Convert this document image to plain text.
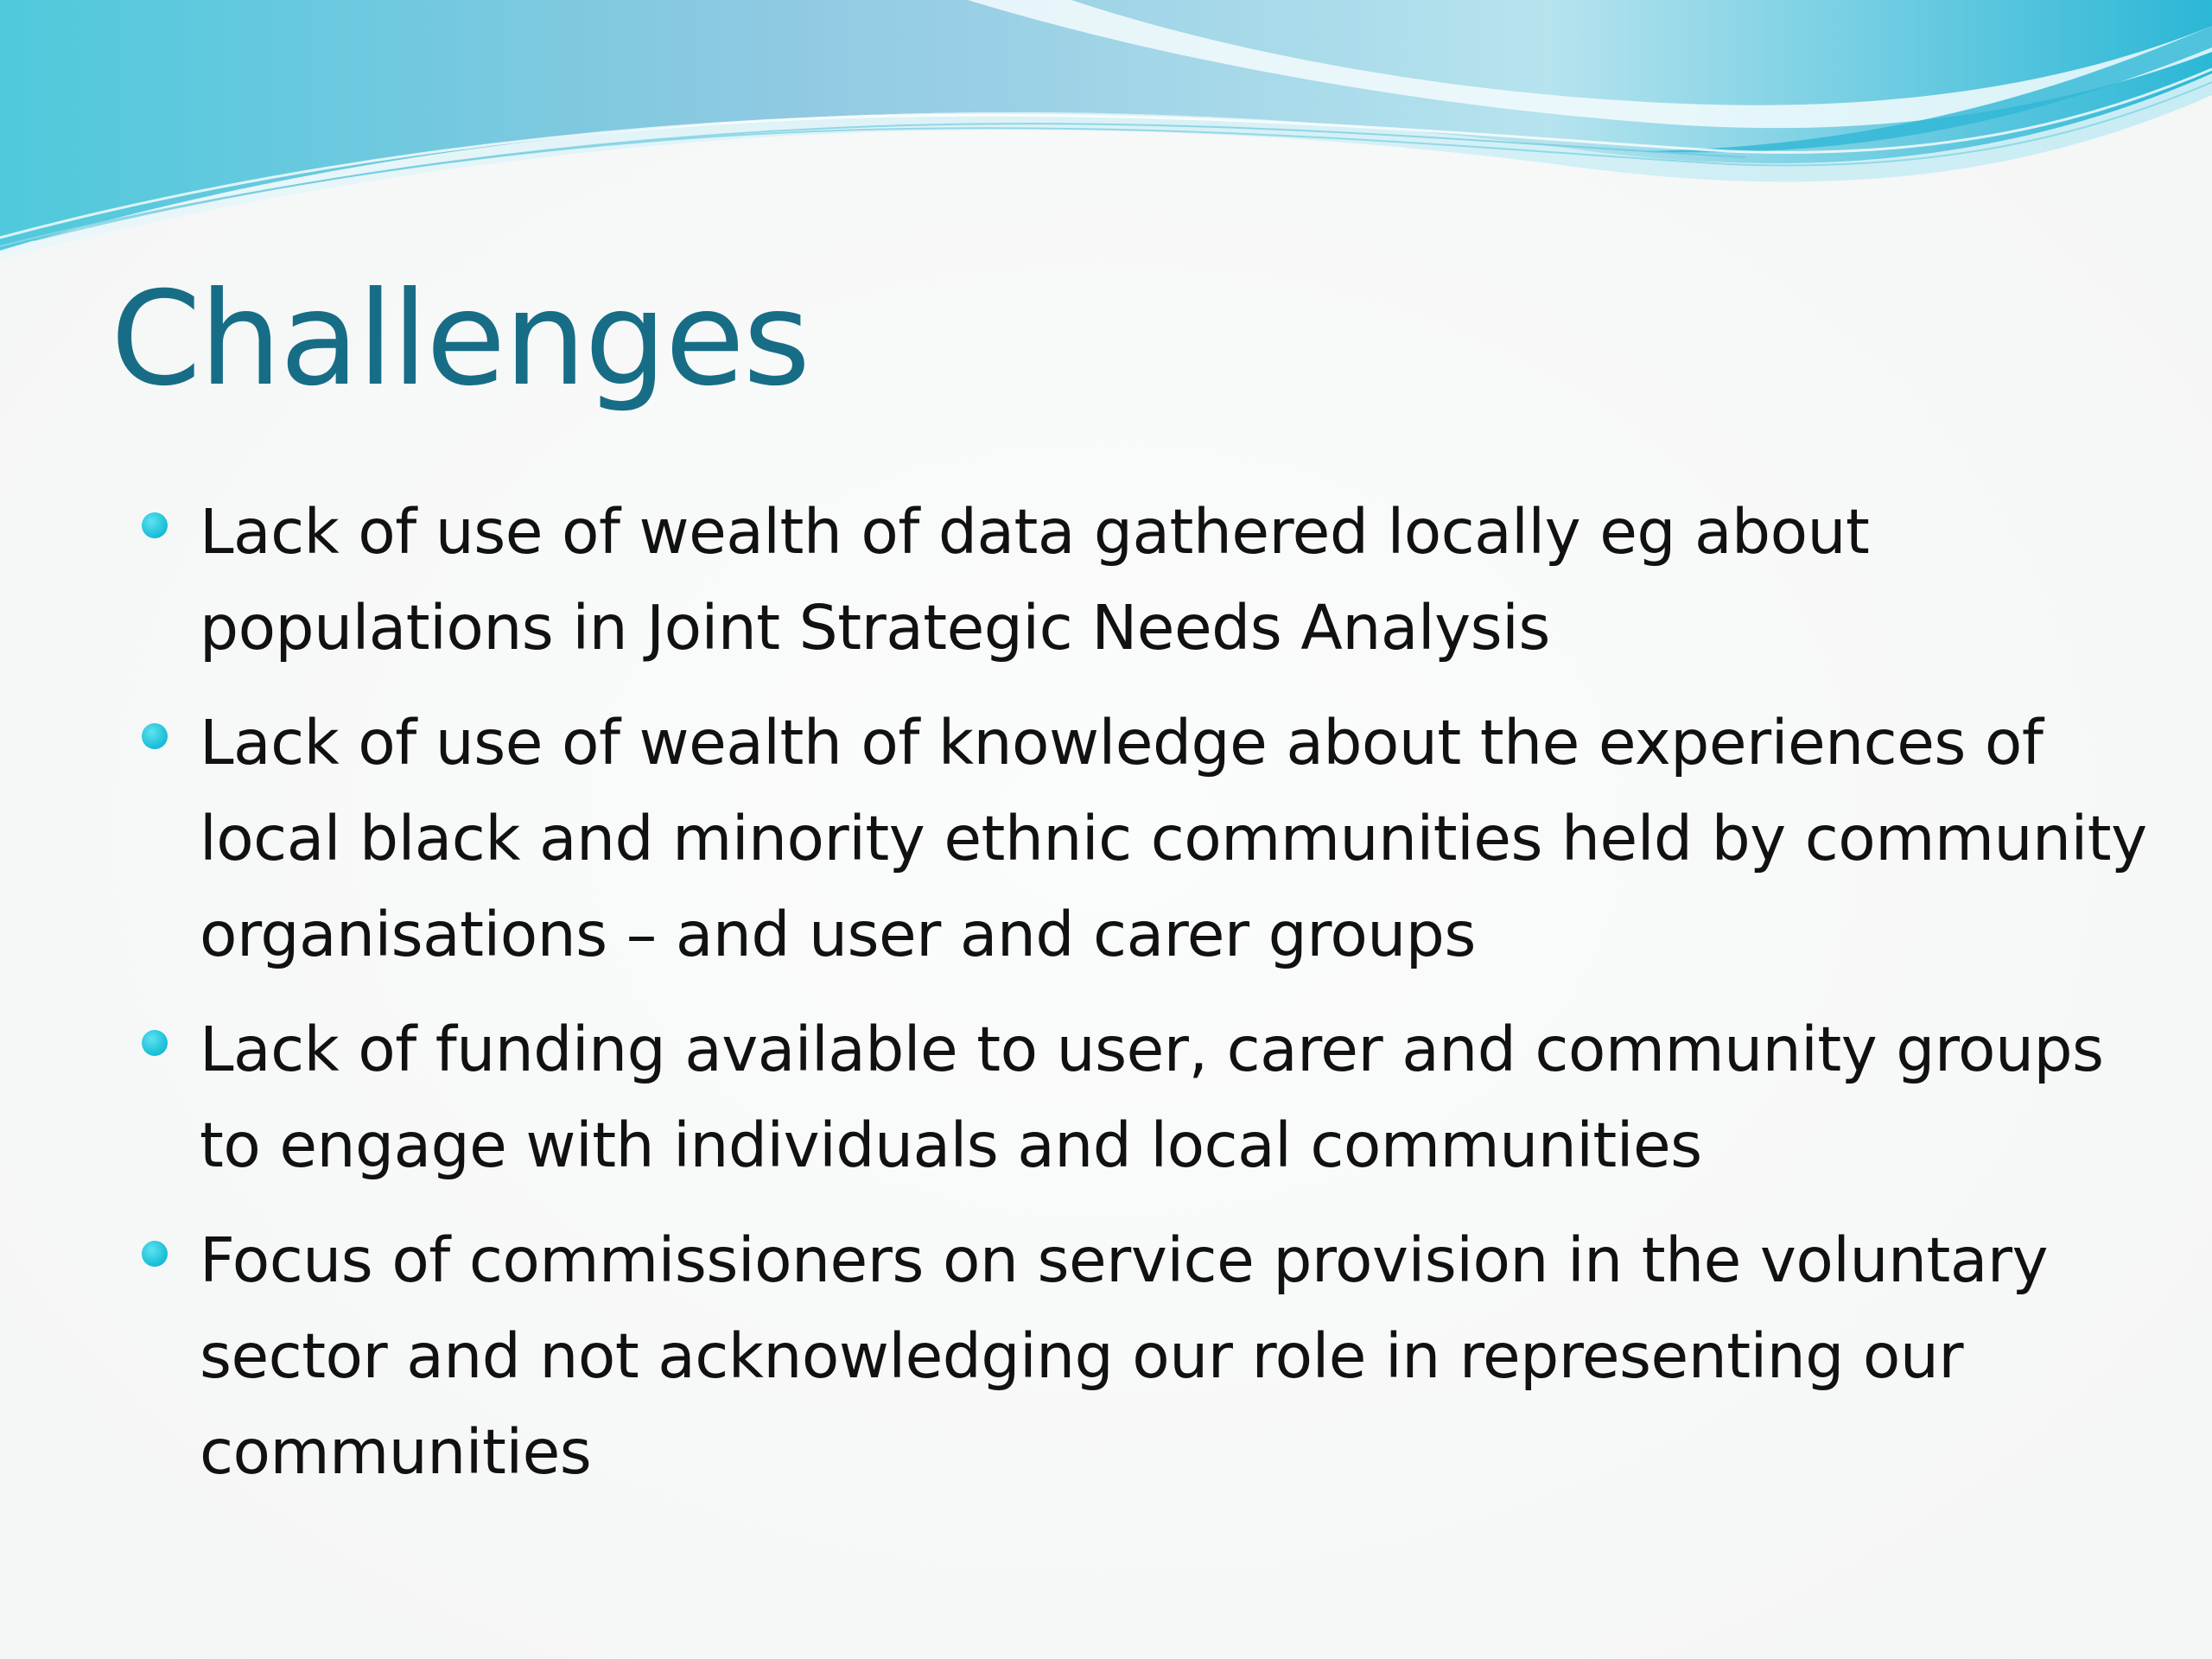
Challenges
Lack of use of wealth of data gathered locally eg about populations in Joint Strategic Needs Analysis
Lack of use of wealth of knowledge about the experiences of local black and minority ethnic communities held by community organisations – and user and carer groups
Lack of funding available to user, carer and community groups to engage with individuals and local communities
Focus of commissioners on service provision in the voluntary sector and not acknowledging our role in representing our communities
